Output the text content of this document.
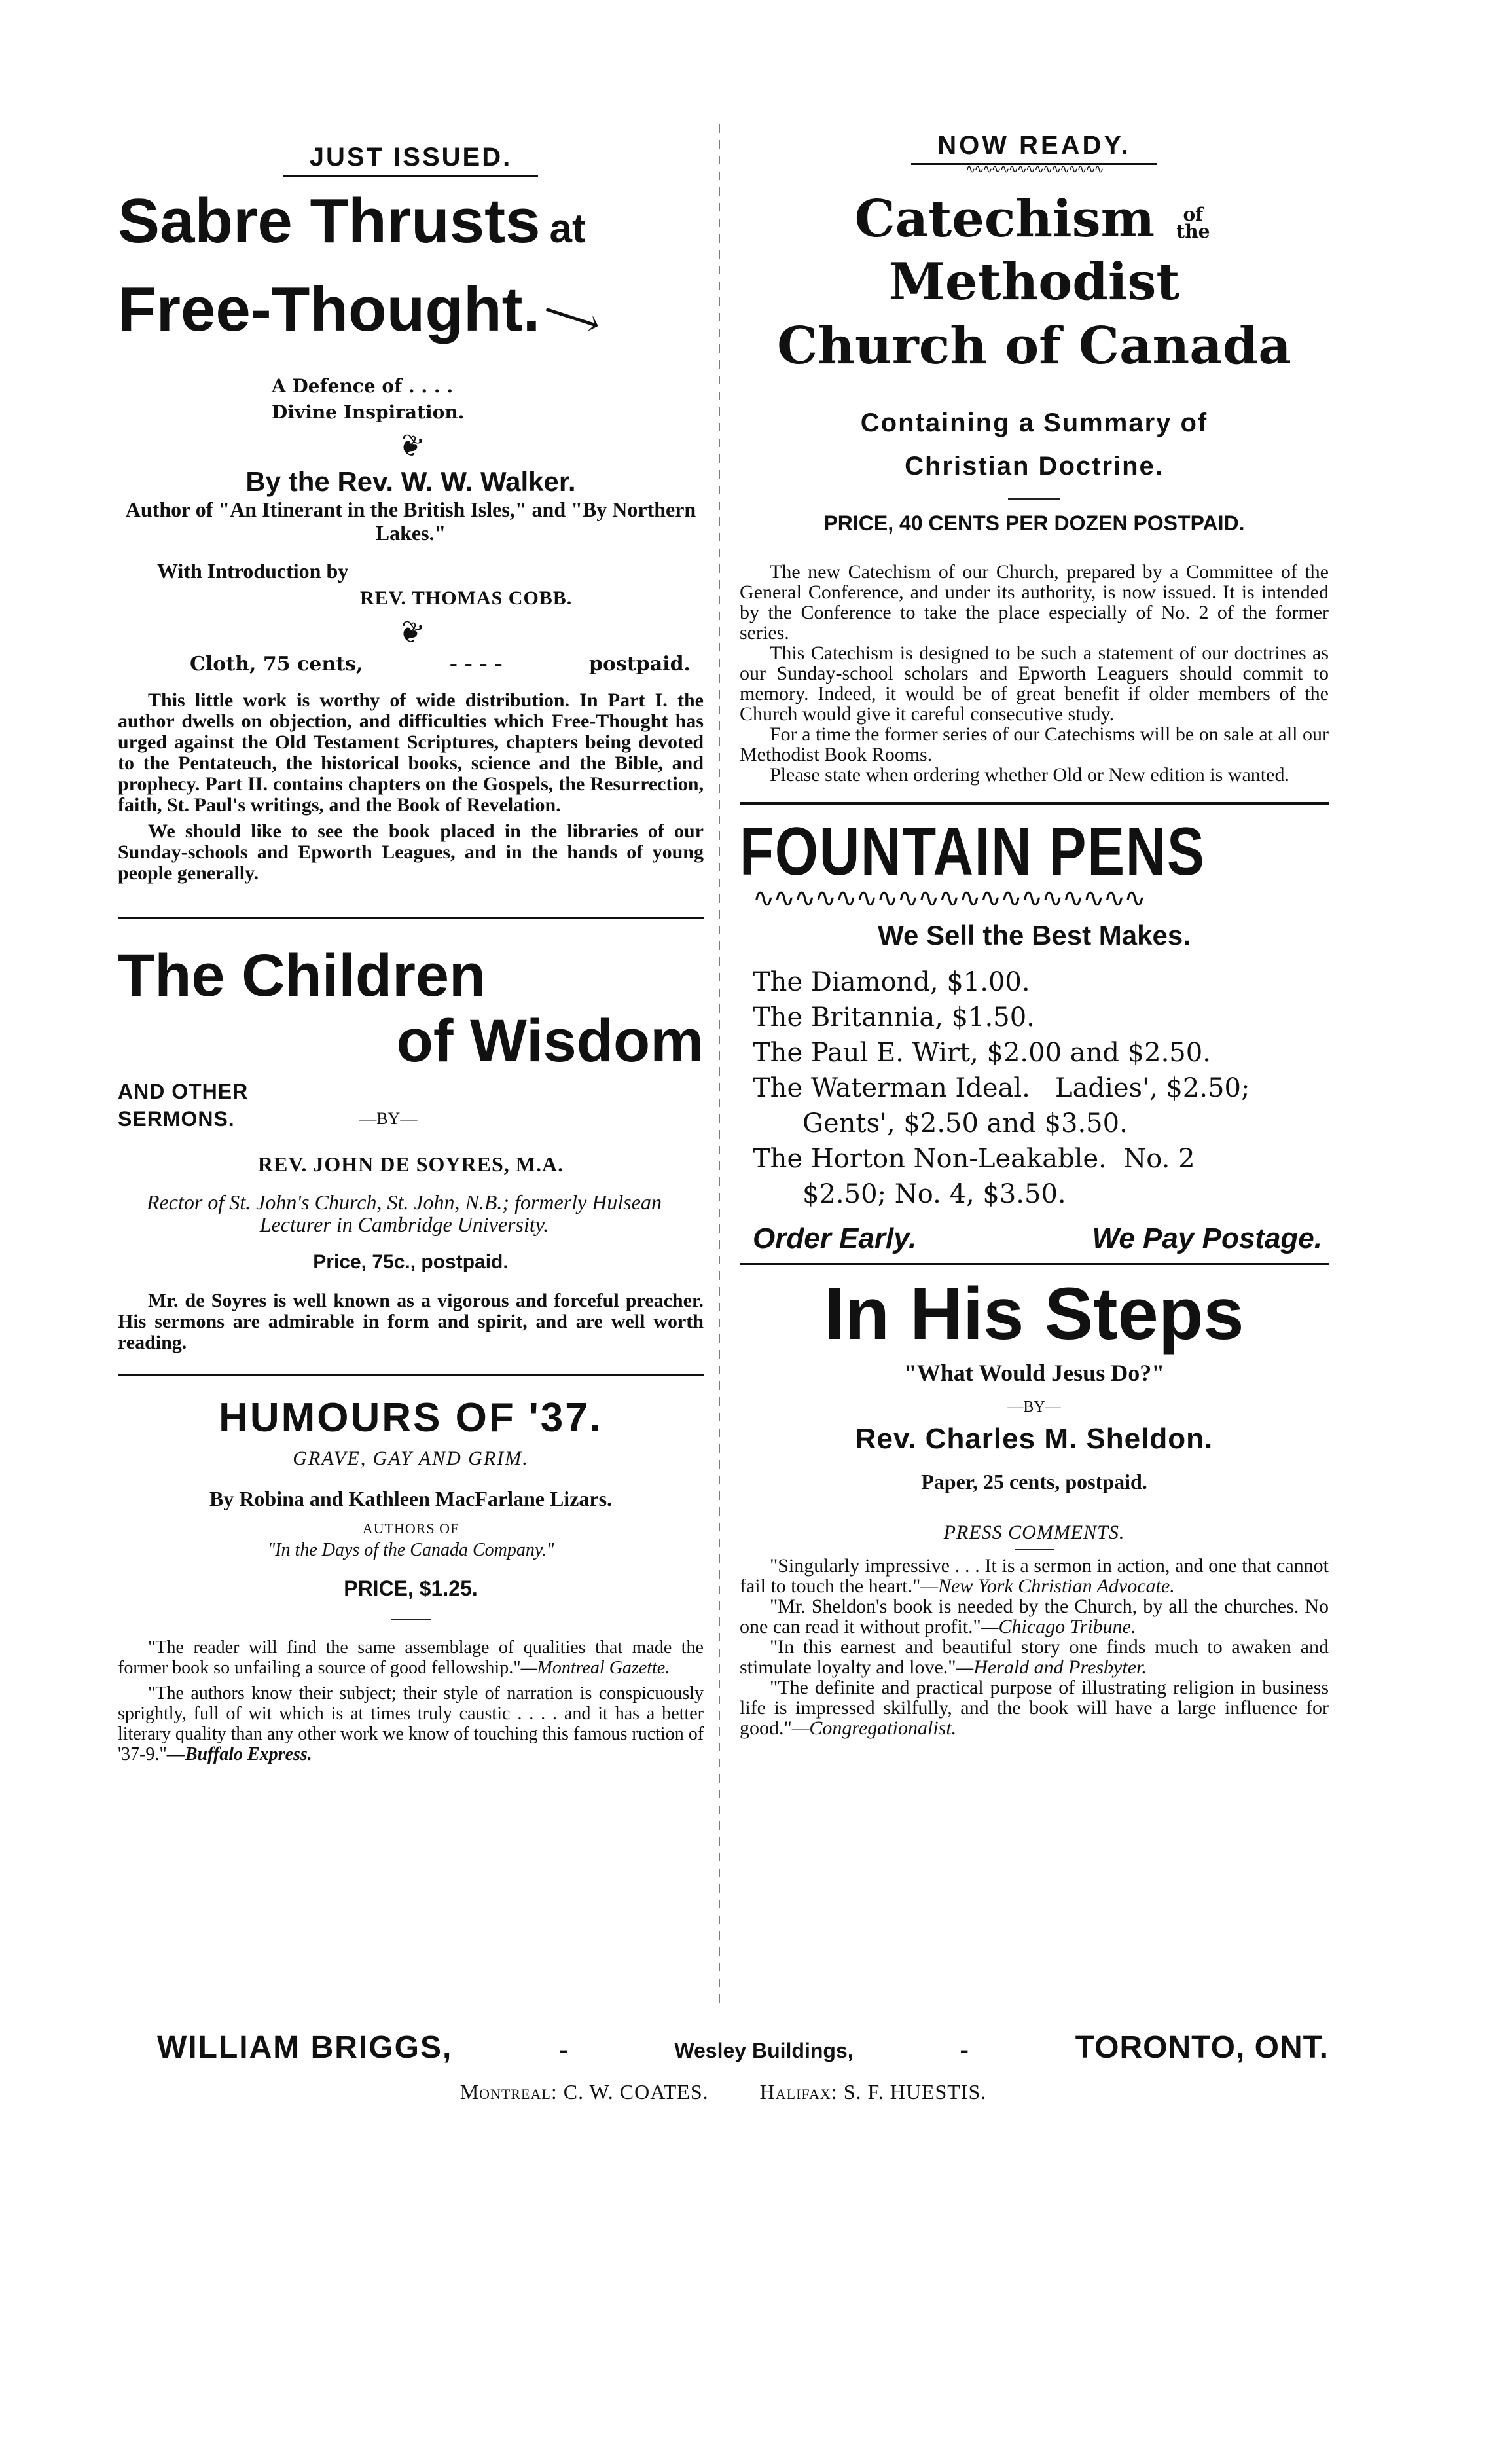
JUST ISSUED.
Sabre Thrusts at
Free-Thought. ⟶
A Defence of . . . .
Divine Inspiration.
❦
By the Rev. W. W. Walker.
Author of "An Itinerant in the British Isles," and "By Northern Lakes."
With Introduction by
REV. THOMAS COBB.
❦
Cloth, 75 cents,	- - - -	postpaid.

This little work is worthy of wide distribution. In Part I. the author dwells on objection, and difficulties which Free-Thought has urged against the Old Testament Scriptures, chapters being devoted to the Pentateuch, the historical books, science and the Bible, and prophecy. Part II. contains chapters on the Gospels, the Resurrection, faith, St. Paul's writings, and the Book of Revelation.

We should like to see the book placed in the libraries of our Sunday-schools and Epworth Leagues, and in the hands of young people generally.

The Children
of Wisdom
AND OTHER
SERMONS.	—BY—
REV. JOHN DE SOYRES, M.A.
Rector of St. John's Church, St. John, N.B.; formerly Hulsean Lecturer in Cambridge University.
Price, 75c., postpaid.

Mr. de Soyres is well known as a vigorous and forceful preacher. His sermons are admirable in form and spirit, and are well worth reading.

HUMOURS OF '37.
GRAVE, GAY AND GRIM.
By Robina and Kathleen MacFarlane Lizars.
AUTHORS OF
"In the Days of the Canada Company."
PRICE, $1.25.

"The reader will find the same assemblage of qualities that made the former book so unfailing a source of good fellowship."—Montreal Gazette.

"The authors know their subject; their style of narration is conspicuously sprightly, full of wit which is at times truly caustic . . . . and it has a better literary quality than any other work we know of touching this famous ruction of '37-9."—Buffalo Express.

NOW READY.
∿∿∿∿∿∿∿∿∿∿∿∿∿∿∿∿
Catechism	of
the
Methodist
Church of Canada
Containing a Summary of
Christian Doctrine.
PRICE, 40 CENTS PER DOZEN POSTPAID.

The new Catechism of our Church, prepared by a Committee of the General Conference, and under its authority, is now issued. It is intended by the Conference to take the place especially of No. 2 of the former series.

This Catechism is designed to be such a statement of our doctrines as our Sunday-school scholars and Epworth Leaguers should commit to memory. Indeed, it would be of great benefit if older members of the Church would give it careful consecutive study.

For a time the former series of our Catechisms will be on sale at all our Methodist Book Rooms.

Please state when ordering whether Old or New edition is wanted.

FOUNTAIN PENS
∿∿∿∿∿∿∿∿∿∿∿∿∿∿∿∿∿∿∿
We Sell the Best Makes.
The Diamond, $1.00.
The Britannia, $1.50.
The Paul E. Wirt, $2.00 and $2.50.
The Waterman Ideal.   Ladies', $2.50;
Gents', $2.50 and $3.50.
The Horton Non-Leakable.  No. 2
$2.50; No. 4, $3.50.
Order Early.	We Pay Postage.
In His Steps
"What Would Jesus Do?"
—BY—
Rev. Charles M. Sheldon.
Paper, 25 cents, postpaid.
PRESS COMMENTS.

"Singularly impressive . . . It is a sermon in action, and one that cannot fail to touch the heart."—New York Christian Advocate.

"Mr. Sheldon's book is needed by the Church, by all the churches. No one can read it without profit."—Chicago Tribune.

"In this earnest and beautiful story one finds much to awaken and stimulate loyalty and love."—Herald and Presbyter.

"The definite and practical purpose of illustrating religion in business life is impressed skilfully, and the book will have a large influence for good."—Congregationalist.

WILLIAM BRIGGS,	-	Wesley Buildings,	-	TORONTO, ONT.
Montreal: C. W. COATES. Halifax: S. F. HUESTIS.
